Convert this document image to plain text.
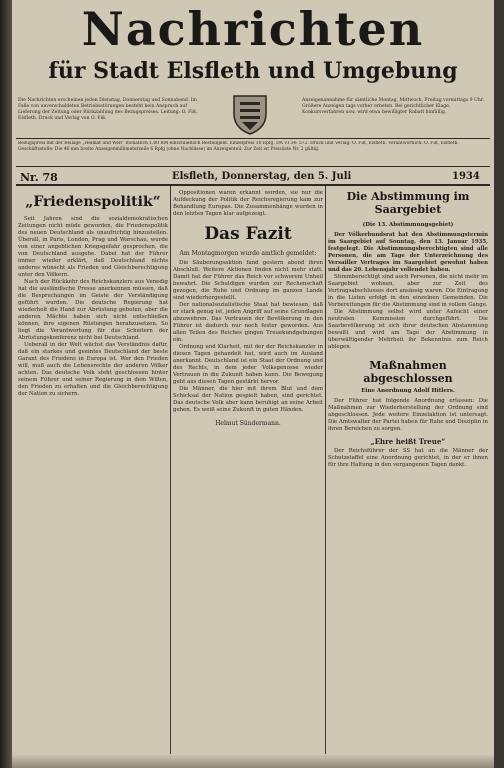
Nachrichten
für Stadt Elsfleth und Umgebung
Die Nachrichten erscheinen jeden Dienstag, Donnerstag und Sonnabend. Im Falle von unverschuldeten Betriebsstörungen besteht kein Anspruch auf Lieferung der Zeitung oder Rückzahlung des Bezugspreises. Leitung: O. Fiß, Elsfleth. Druck und Verlag von O. Fiß.
Anzeigenannahme für sämtliche Montag, Mittwoch, Freitag vormittags 9 Uhr. Größere Anzeigen tags vorher erbeten. Bei gerichtlicher Klage, Konkursverfahren usw. wird etwa bewilligter Rabatt hinfällig.
Bezugspreis mit der Beilage „Heimat und Welt“ monatlich 1.00 RM einschließlich Bestellgeld. Einzelpreis 10 Rpfg. DA VI 34: 572. Druck und Verlag: O. Fiß, Elsfleth. Verantwortlich: O. Fiß, Elsfleth. Geschäftsstelle: Die 46 mm breite Anzeigenmillimeterzeile 6 Rpfg (ohne Nachlässe) im Anzeigenteil. Zur Zeit ist Preisliste Nr. 2 gültig.
Nr. 78	Elsfleth, Donnerstag, den 5. Juli	1934
„Friedenspolitik“

Seit Jahren sind die sozialdemokratischen Zeitungen nicht müde geworden, die Friedenspolitik des neuen Deutschland als unaufrichtig hinzustellen. Überall, in Paris, London, Prag und Warschau, wurde von einer angeblichen Kriegsgefahr gesprochen, die von Deutschland ausgehe. Dabei hat der Führer immer wieder erklärt, daß Deutschland nichts anderes wünscht als Frieden und Gleichberechtigung unter den Völkern.

Nach der Rückkehr des Reichskanzlers aus Venedig hat die ausländische Presse anerkennen müssen, daß die Besprechungen im Geiste der Verständigung geführt wurden. Die deutsche Regierung hat wiederholt die Hand zur Abrüstung geboten, aber die anderen Mächte haben sich nicht entschließen können, ihre eigenen Rüstungen herabzusetzen. So liegt die Verantwortung für das Scheitern der Abrüstungskonferenz nicht bei Deutschland.

Ueberall in der Welt wächst das Verständnis dafür, daß ein starkes und geeintes Deutschland der beste Garant des Friedens in Europa ist. Wer den Frieden will, muß auch die Lebensrechte der anderen Völker achten. Das deutsche Volk steht geschlossen hinter seinem Führer und seiner Regierung in dem Willen, den Frieden zu erhalten und die Gleichberechtigung der Nation zu sichern.

Oppositionen waren erkannt worden, sie nur die Aufdeckung der Politik der Reichsregierung kam zur Behandlung Europas. Die Zusammenhänge wurden in den letzten Tagen klar aufgezeigt.

Das Fazit
Am Montagmorgen wurde amtlich gemeldet:

Die Säuberungsaktion fand gestern abend ihren Abschluß. Weitere Aktionen finden nicht mehr statt. Damit hat der Führer das Reich vor schwerem Unheil bewahrt. Die Schuldigen wurden zur Rechenschaft gezogen, die Ruhe und Ordnung im ganzen Lande sind wiederhergestellt.

Der nationalsozialistische Staat hat bewiesen, daß er stark genug ist, jeden Angriff auf seine Grundlagen abzuwehren. Das Vertrauen der Bevölkerung in den Führer ist dadurch nur noch fester geworden. Aus allen Teilen des Reiches gingen Treuekundgebungen ein.

Ordnung und Klarheit, mit der der Reichskanzler in diesen Tagen gehandelt hat, wird auch im Ausland anerkannt. Deutschland ist ein Staat der Ordnung und des Rechts, in dem jeder Volksgenosse wieder Vertrauen in die Zukunft haben kann. Die Bewegung geht aus diesen Tagen gestärkt hervor.

Die Männer, die hier mit ihrem Blut und dem Schicksal der Nation gespielt haben, sind gerichtet. Das deutsche Volk aber kann beruhigt an seine Arbeit gehen. Es weiß seine Zukunft in guten Händen.

Helmut Sündermann.
Die Abstimmung im Saargebiet
(Die 13. Abstimmungsgebiet)

Der Völkerbundsrat hat den Abstimmungstermin im Saargebiet auf Sonntag, den 13. Januar 1935, festgelegt. Die Abstimmungsberechtigten sind alle Personen, die am Tage der Unterzeichnung des Versailler Vertrages im Saargebiet gewohnt haben und das 20. Lebensjahr vollendet haben.

Stimmberechtigt sind auch Personen, die nicht mehr im Saargebiet wohnen, aber zur Zeit des Vertragsabschlusses dort ansässig waren. Die Eintragung in die Listen erfolgt in den einzelnen Gemeinden. Die Vorbereitungen für die Abstimmung sind in vollem Gange.

Die Abstimmung selbst wird unter Aufsicht einer neutralen Kommission durchgeführt. Die Saarbevölkerung ist sich ihrer deutschen Abstammung bewußt und wird am Tage der Abstimmung in überwältigender Mehrheit ihr Bekenntnis zum Reich ablegen.

Maßnahmen abgeschlossen
Eine Anordnung Adolf Hitlers.

Der Führer hat folgende Anordnung erlassen: Die Maßnahmen zur Wiederherstellung der Ordnung sind abgeschlossen. Jede weitere Einzelaktion ist untersagt. Die Amtswalter der Partei haben für Ruhe und Disziplin in ihren Bereichen zu sorgen.

„Ehre heißt Treue“

Der Reichsführer der SS hat an die Männer der Schutzstaffel eine Anordnung gerichtet, in der er ihnen für ihre Haltung in den vergangenen Tagen dankt.
